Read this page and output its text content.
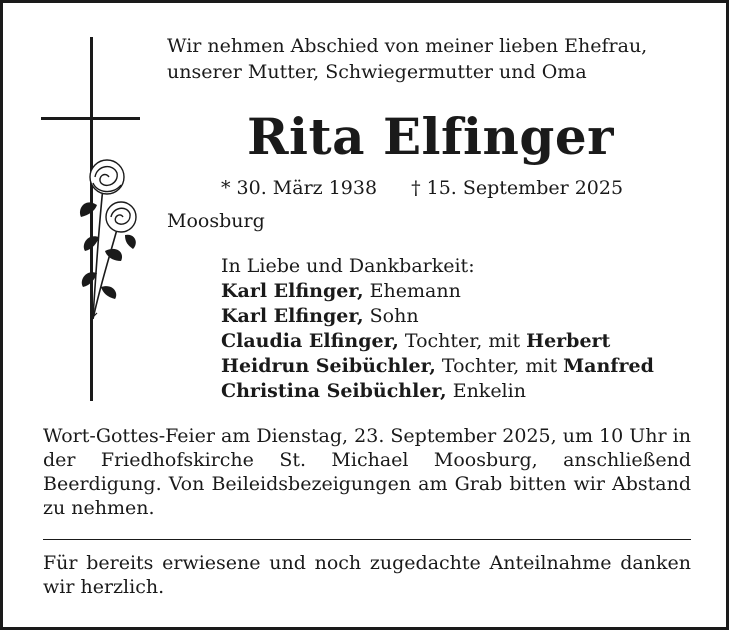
Wir nehmen Abschied von meiner lieben Ehefrau,
unserer Mutter, Schwiegermutter und Oma
Rita Elfinger
* 30. März 1938 † 15. September 2025
Moosburg
In Liebe und Dankbarkeit:
Karl Elfinger, Ehemann
Karl Elfinger, Sohn
Claudia Elfinger, Tochter, mit Herbert
Heidrun Seibüchler, Tochter, mit Manfred
Christina Seibüchler, Enkelin
Wort-Gottes-Feier am Dienstag, 23. September 2025, um 10 Uhr in der Friedhofskirche St. Michael Moosburg, anschließend Beerdigung. Von Beileidsbezeigungen am Grab bitten wir Abstand zu nehmen.
Für bereits erwiesene und noch zugedachte Anteilnahme danken wir herzlich.
